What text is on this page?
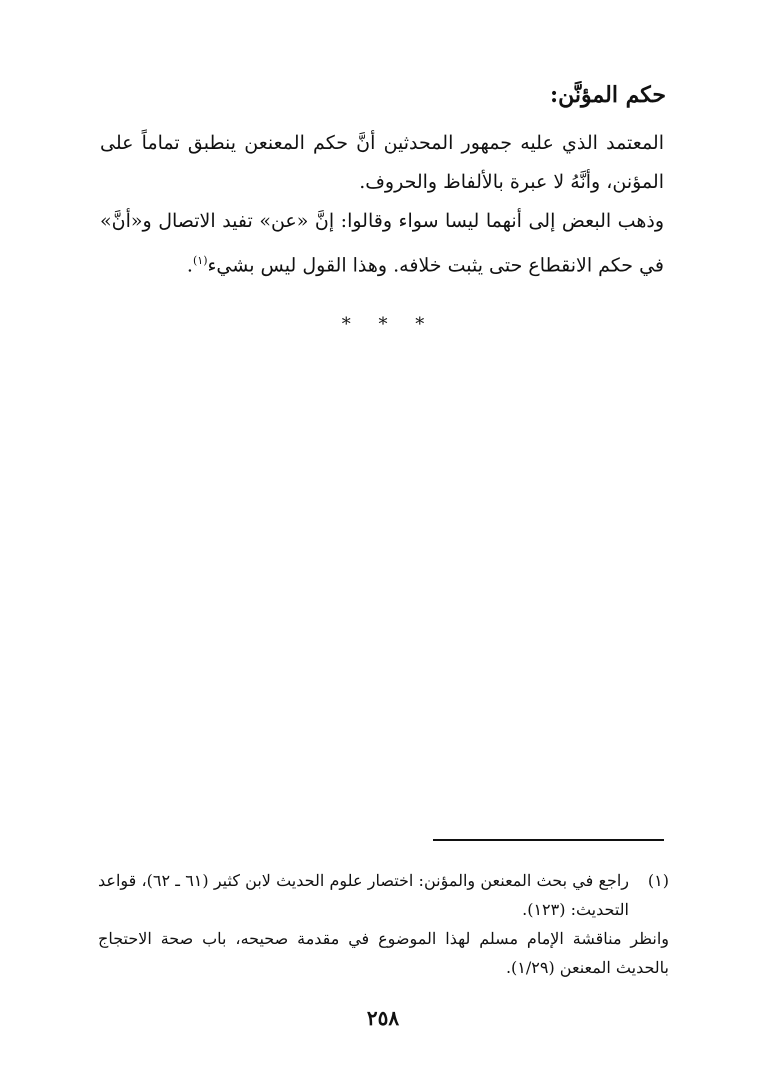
حكم المؤنَّن:

المعتمد الذي عليه جمهور المحدثين أنَّ حكم المعنعن ينطبق تماماً على المؤنن، وأنَّهُ لا عبرة بالألفاظ والحروف.

وذهب البعض إلى أنهما ليسا سواء وقالوا: إنَّ «عن» تفيد الاتصال و«أنَّ» في حكم الانقطاع حتى يثبت خلافه. وهذا القول ليس بشيء$^{(١)}$.

* * *
(١)

راجع في بحث المعنعن والمؤنن: اختصار علوم الحديث لابن كثير (٦١ ـ ٦٢)، قواعد التحديث: (١٢٣).

وانظر مناقشة الإمام مسلم لهذا الموضوع في مقدمة صحيحه، باب صحة الاحتجاج بالحديث المعنعن (١/٢٩).

٢٥٨
